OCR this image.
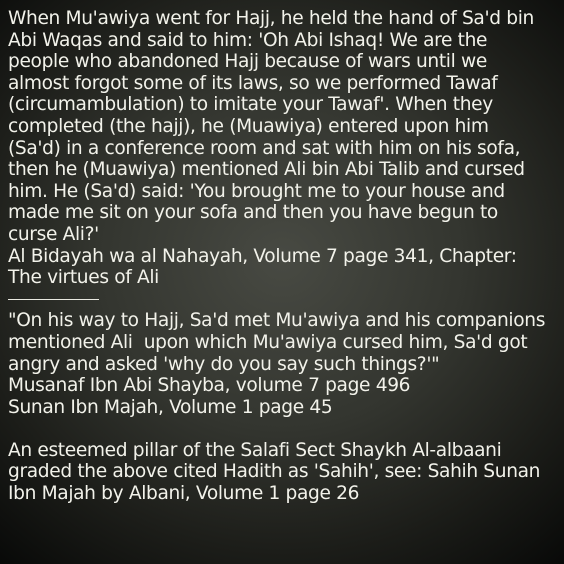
When Mu'awiya went for Hajj, he held the hand of Sa'd bin
Abi Waqas and said to him: 'Oh Abi Ishaq! We are the
people who abandoned Hajj because of wars until we
almost forgot some of its laws, so we performed Tawaf
(circumambulation) to imitate your Tawaf'. When they
completed (the hajj), he (Muawiya) entered upon him
(Sa'd) in a conference room and sat with him on his sofa,
then he (Muawiya) mentioned Ali bin Abi Talib and cursed
him. He (Sa'd) said: 'You brought me to your house and
made me sit on your sofa and then you have begun to
curse Ali?'
Al Bidayah wa al Nahayah, Volume 7 page 341, Chapter:
The virtues of Ali
"On his way to Hajj, Sa'd met Mu'awiya and his companions
mentioned Ali  upon which Mu'awiya cursed him, Sa'd got
angry and asked 'why do you say such things?'"
Musanaf Ibn Abi Shayba, volume 7 page 496
Sunan Ibn Majah, Volume 1 page 45
An esteemed pillar of the Salafi Sect Shaykh Al-albaani
graded the above cited Hadith as 'Sahih', see: Sahih Sunan
Ibn Majah by Albani, Volume 1 page 26
